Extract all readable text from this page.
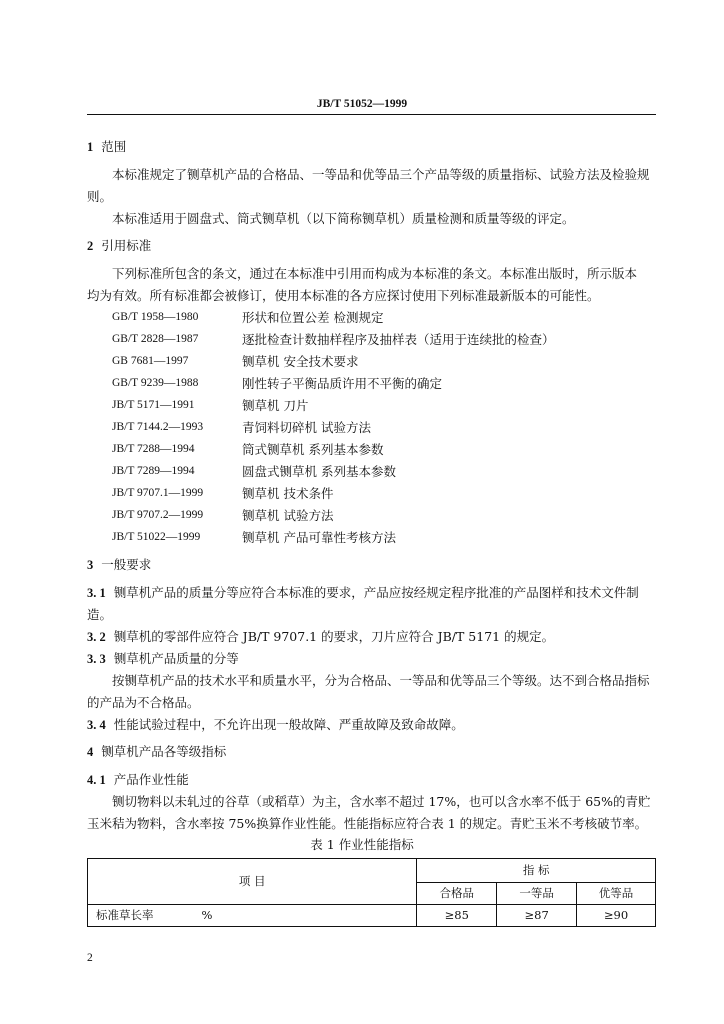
JB/T 51052—1999
1 范围
本标准规定了铡草机产品的合格品、一等品和优等品三个产品等级的质量指标、试验方法及检验规
则。
本标准适用于圆盘式、筒式铡草机（以下简称铡草机）质量检测和质量等级的评定。
2 引用标准
下列标准所包含的条文，通过在本标准中引用而构成为本标准的条文。本标准出版时，所示版本
均为有效。所有标准都会被修订，使用本标准的各方应探讨使用下列标准最新版本的可能性。
GB/T 1958—1980	形状和位置公差 检测规定
GB/T 2828—1987	逐批检查计数抽样程序及抽样表（适用于连续批的检查）
GB 7681—1997	铡草机 安全技术要求
GB/T 9239—1988	刚性转子平衡品质许用不平衡的确定
JB/T 5171—1991	铡草机 刀片
JB/T 7144.2—1993	青饲料切碎机 试验方法
JB/T 7288—1994	筒式铡草机 系列基本参数
JB/T 7289—1994	圆盘式铡草机 系列基本参数
JB/T 9707.1—1999	铡草机 技术条件
JB/T 9707.2—1999	铡草机 试验方法
JB/T 51022—1999	铡草机 产品可靠性考核方法
3 一般要求
3. 1 铡草机产品的质量分等应符合本标准的要求，产品应按经规定程序批准的产品图样和技术文件制
造。
3. 2 铡草机的零部件应符合 JB/T 9707.1 的要求，刀片应符合 JB/T 5171 的规定。
3. 3 铡草机产品质量的分等
按铡草机产品的技术水平和质量水平，分为合格品、一等品和优等品三个等级。达不到合格品指标
的产品为不合格品。
3. 4 性能试验过程中，不允许出现一般故障、严重故障及致命故障。
4 铡草机产品各等级指标
4. 1 产品作业性能
铡切物料以未轧过的谷草（或稻草）为主，含水率不超过 17%，也可以含水率不低于 65%的青贮
玉米秸为物料，含水率按 75%换算作业性能。性能指标应符合表 1 的规定。青贮玉米不考核破节率。
表 1 作业性能指标
项 目	指 标		
	合格品	一等品	优等品
标准草长率 %	≥85	≥87	≥90
2
